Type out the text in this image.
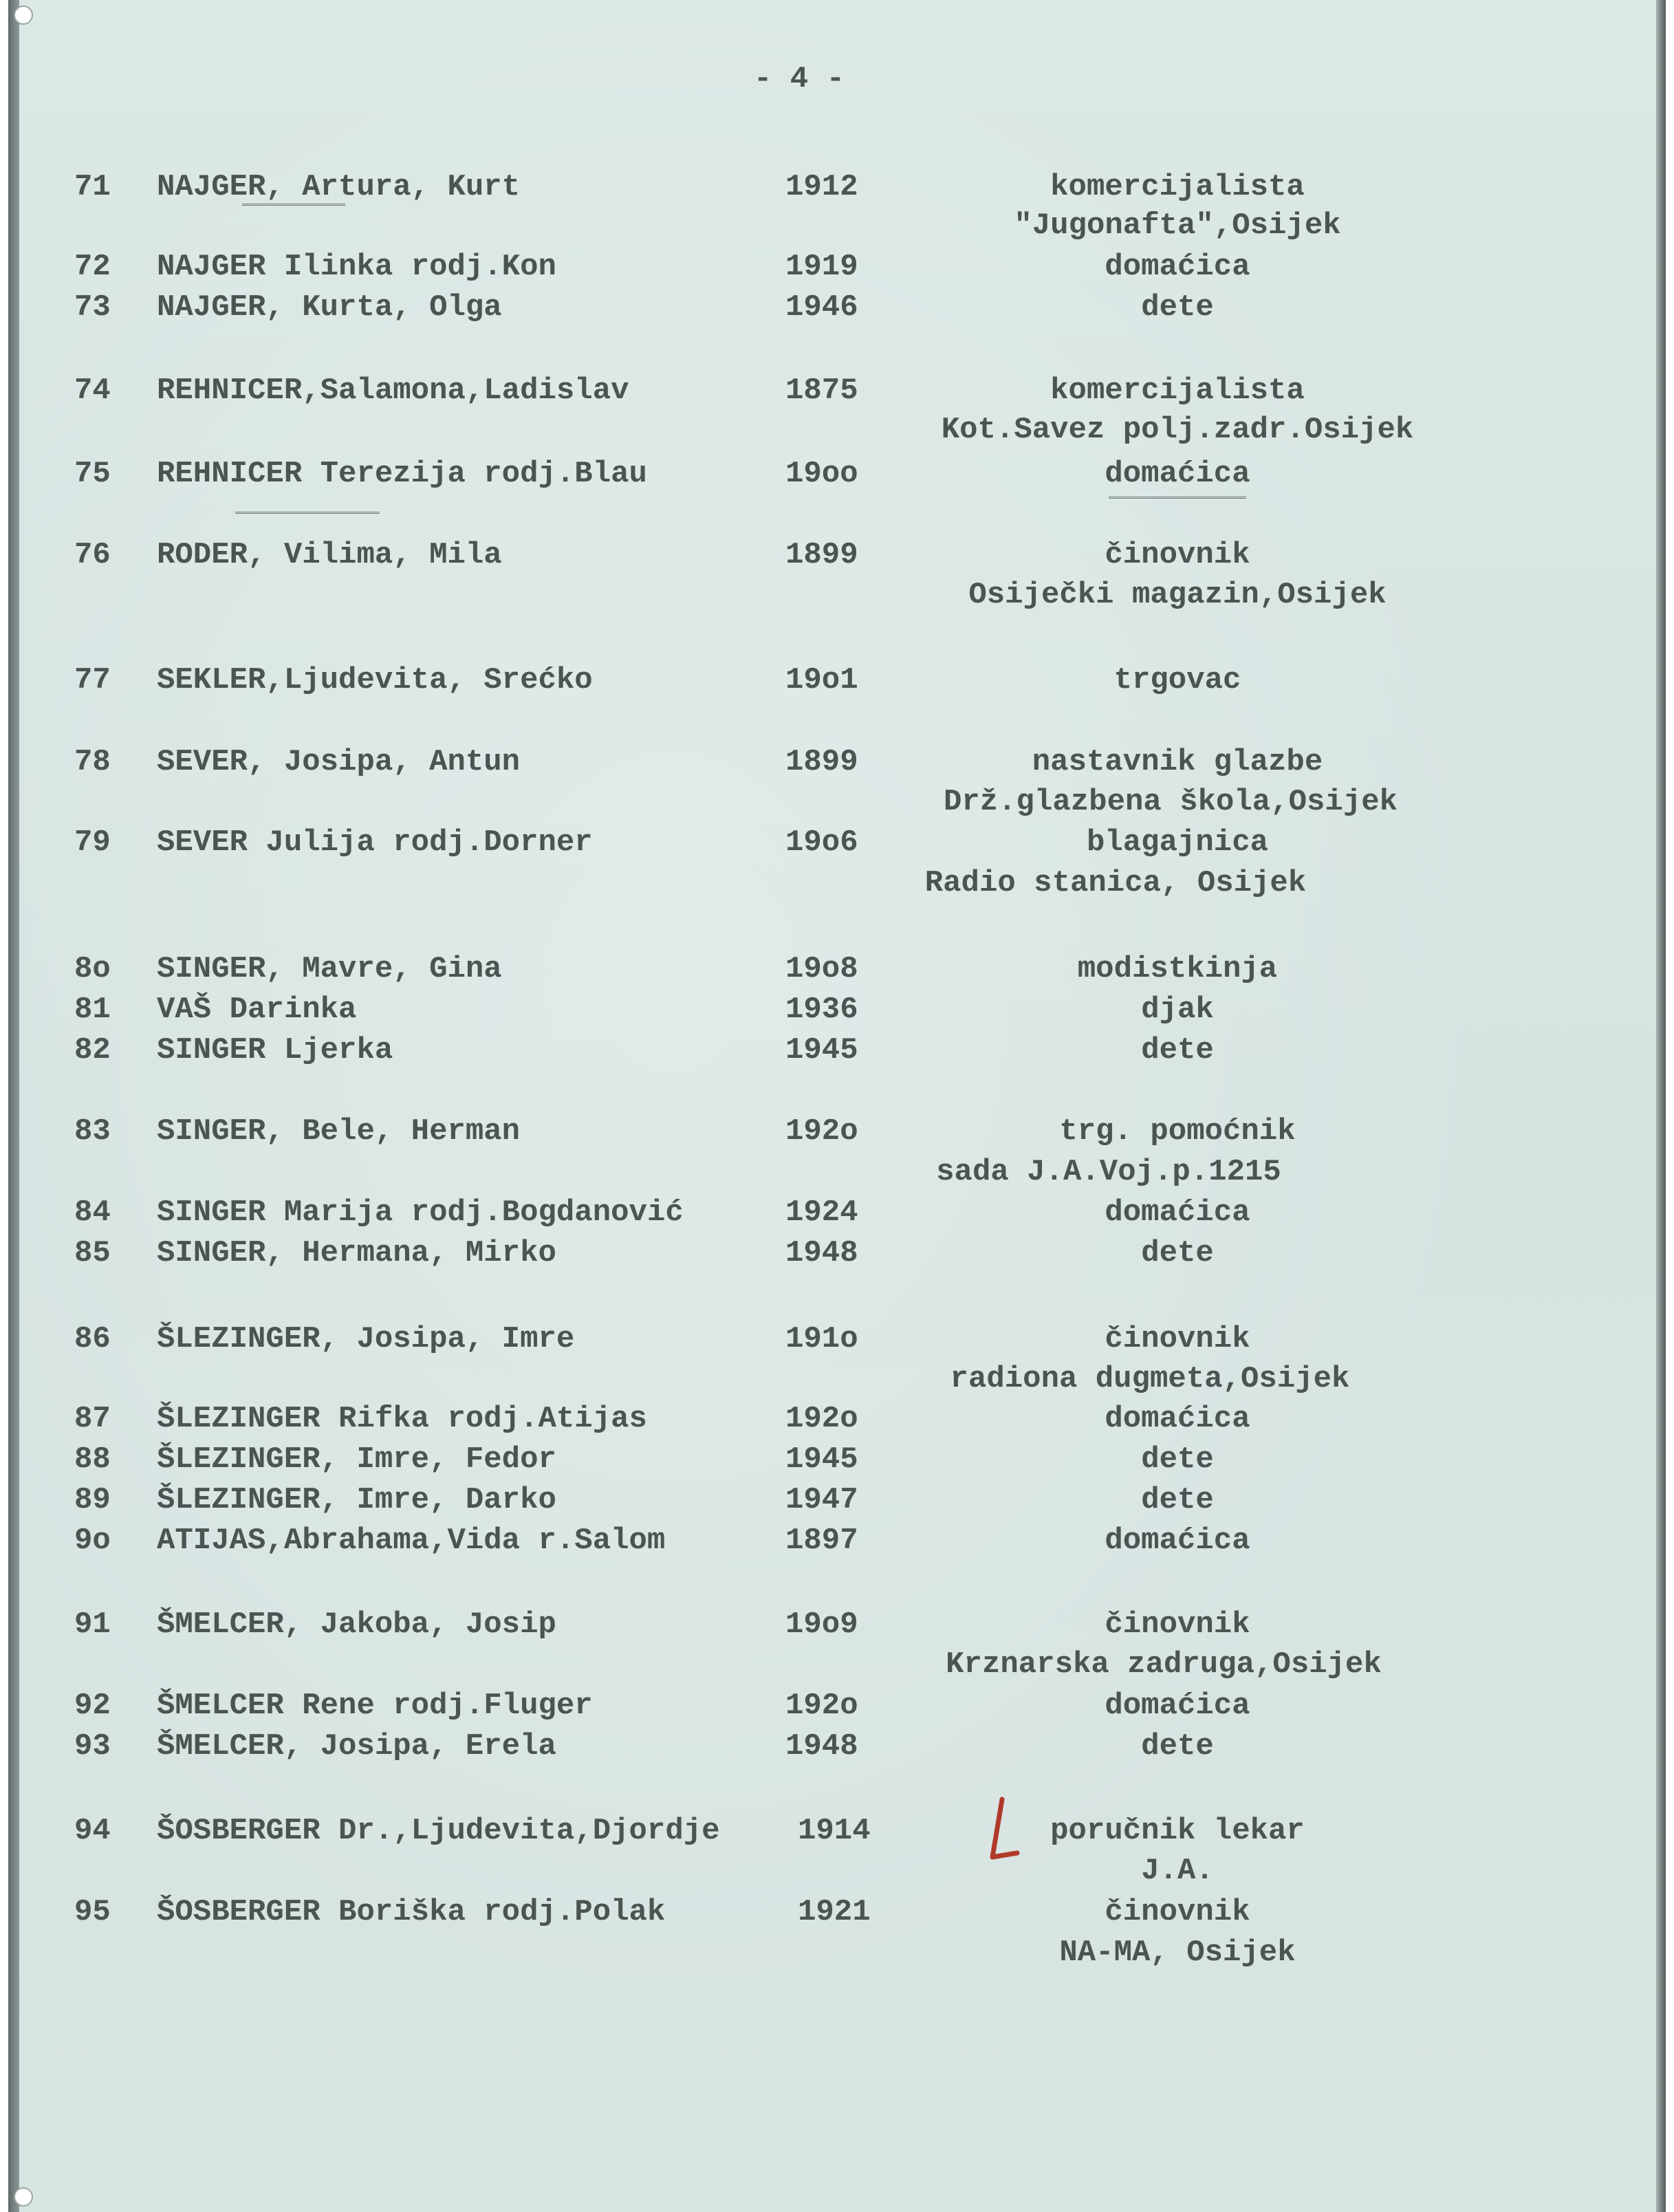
- 4 -
71 NAJGER, Artura, Kurt	1912	komercijalista
"Jugonafta",Osijek
72 NAJGER Ilinka rodj.Kon	1919	domaćica
73 NAJGER, Kurta, Olga	1946	dete
74 REHNICER,Salamona,Ladislav	1875	komercijalista
Kot.Savez polj.zadr.Osijek
75 REHNICER Terezija rodj.Blau	19oo	domaćica
76 RODER, Vilima, Mila	1899	činovnik
Osiječki magazin,Osijek
77 SEKLER,Ljudevita, Srećko	19o1	trgovac
78 SEVER, Josipa, Antun	1899	nastavnik glazbe
Drž.glazbena škola,Osijek
79 SEVER Julija rodj.Dorner	19o6	blagajnica
Radio stanica, Osijek
8o SINGER, Mavre, Gina	19o8	modistkinja
81 VAŠ Darinka	1936	djak
82 SINGER Ljerka	1945	dete
83 SINGER, Bele, Herman	192o	trg. pomoćnik
sada J.A.Voj.p.1215
84 SINGER Marija rodj.Bogdanović	1924	domaćica
85 SINGER, Hermana, Mirko	1948	dete
86 ŠLEZINGER, Josipa, Imre	191o	činovnik
radiona dugmeta,Osijek
87 ŠLEZINGER Rifka rodj.Atijas	192o	domaćica
88 ŠLEZINGER, Imre, Fedor	1945	dete
89 ŠLEZINGER, Imre, Darko	1947	dete
9o ATIJAS,Abrahama,Vida r.Salom	1897	domaćica
91 ŠMELCER, Jakoba, Josip	19o9	činovnik
Krznarska zadruga,Osijek
92 ŠMELCER Rene rodj.Fluger	192o	domaćica
93 ŠMELCER, Josipa, Erela	1948	dete
94 ŠOSBERGER Dr.,Ljudevita,Djordje	1914	poručnik lekar
J.A.
95 ŠOSBERGER Boriška rodj.Polak	1921	činovnik
NA-MA, Osijek
